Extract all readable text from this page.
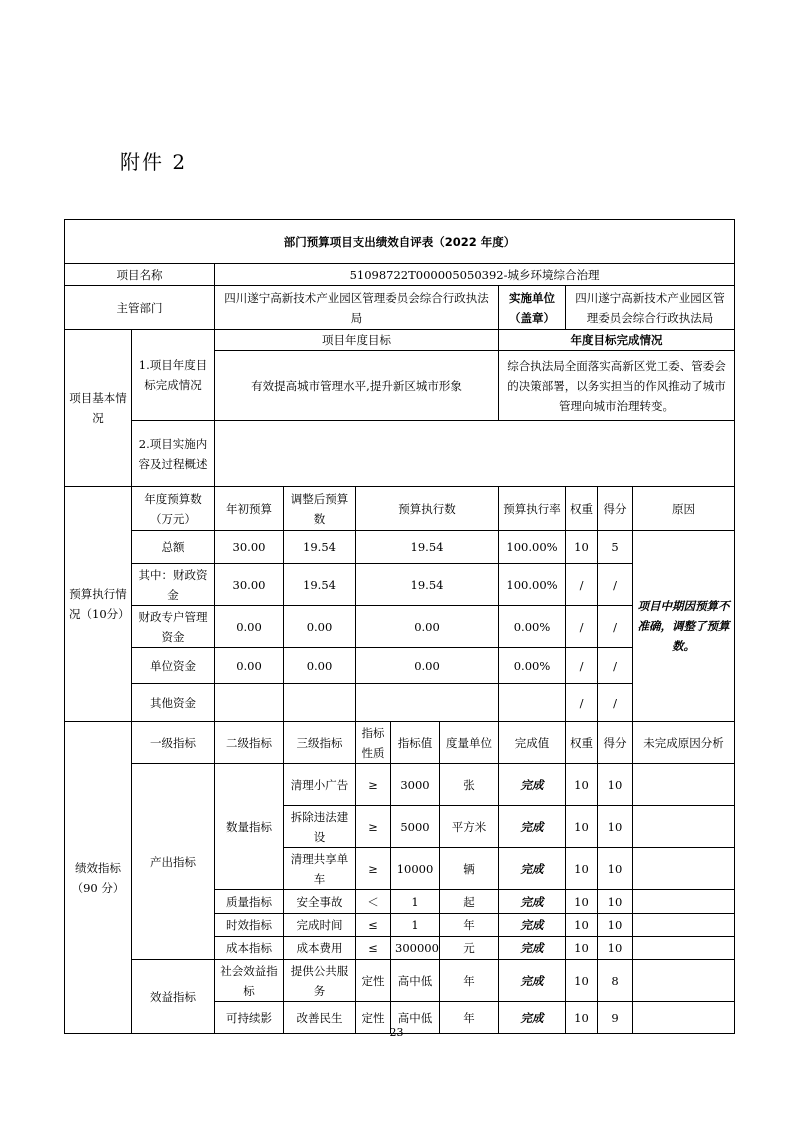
附件 2
部门预算项目支出绩效自评表（2022 年度）										
项目名称		51098722T000005050392-城乡环境综合治理								
主管部门		四川遂宁高新技术产业园区管理委员会综合行政执法局					实施单位（盖章）	四川遂宁高新技术产业园区管理委员会综合行政执法局		
项目基本情况	1.项目年度目标完成情况	项目年度目标					年度目标完成情况			
		有效提高城市管理水平,提升新区城市形象					综合执法局全面落实高新区党工委、管委会的决策部署，以务实担当的作风推动了城市管理向城市治理转变。			
	2.项目实施内容及过程概述									

预算执行情况（10分）	年度预算数（万元）	年初预算	调整后预算数	预算执行数			预算执行率	权重	得分	原因
	总额	30.00	19.54	19.54			100.00%	10	5	项目中期因预算不准确，调整了预算数。
	其中：财政资金	30.00	19.54	19.54			100.00%	/	/	
	财政专户管理资金	0.00	0.00	0.00			0.00%	/	/	
	单位资金	0.00	0.00	0.00			0.00%	/	/	
	其他资金							/	/	
绩效指标（90 分）	一级指标	二级指标	三级指标	指标性质	指标值	度量单位	完成值	权重	得分	未完成原因分析
	产出指标	数量指标	清理小广告	≥	3000	张	完成	10	10	
			拆除违法建设	≥	5000	平方米	完成	10	10	
			清理共享单车	≥	10000	辆	完成	10	10	
		质量指标	安全事故	＜	1	起	完成	10	10	
		时效指标	完成时间	≤	1	年	完成	10	10	
		成本指标	成本费用	≤	300000	元	完成	10	10	
	效益指标	社会效益指标	提供公共服务	定性	高中低	年	完成	10	8	
		可持续影	改善民生	定性	高中低	年	完成	10	9	
23
